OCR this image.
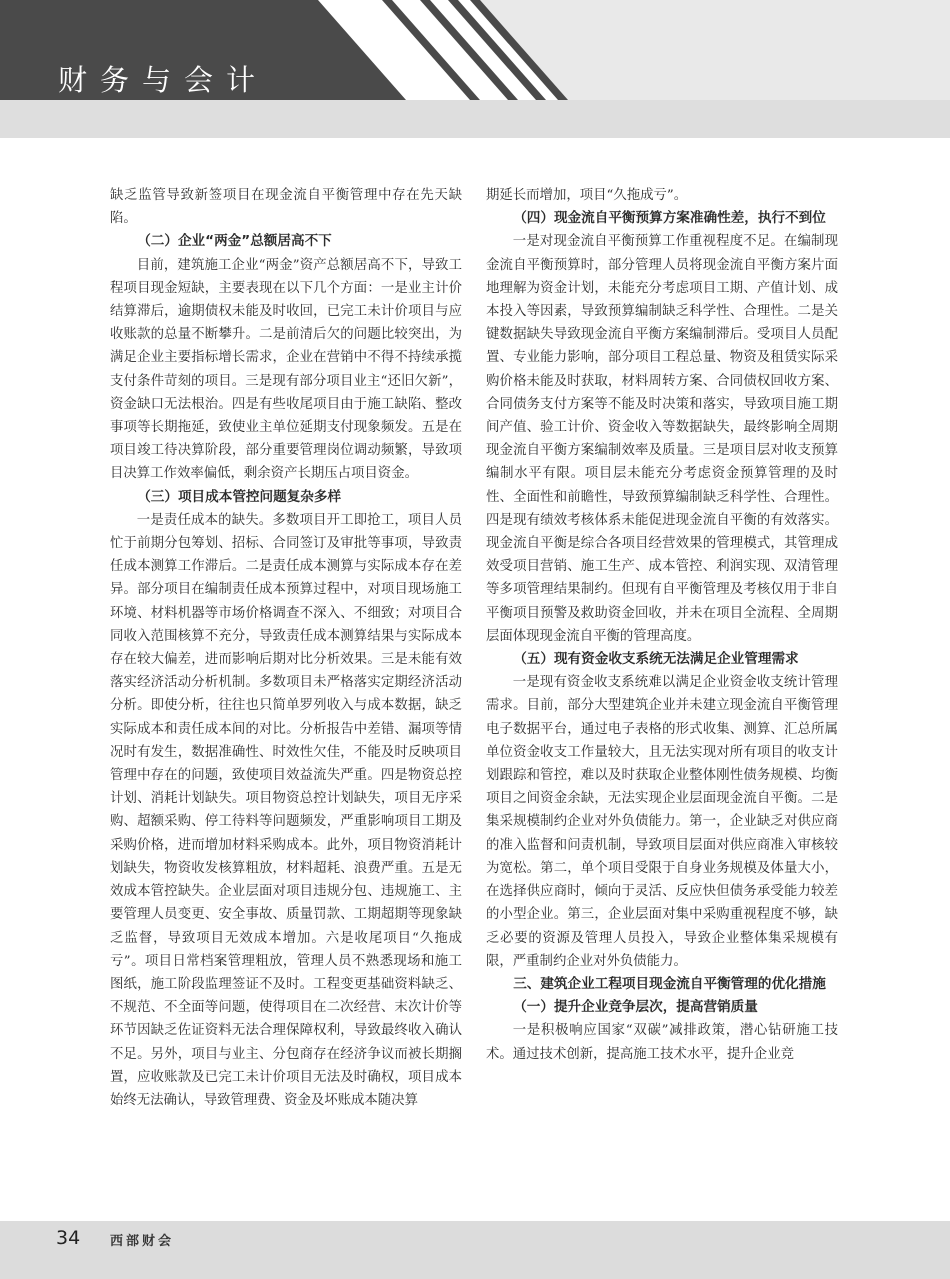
财务与会计

缺乏监管导致新签项目在现金流自平衡管理中存在先天缺陷。

（二）企业“两金”总额居高不下

目前，建筑施工企业“两金”资产总额居高不下，导致工程项目现金短缺，主要表现在以下几个方面：一是业主计价结算滞后，逾期债权未能及时收回，已完工未计价项目与应收账款的总量不断攀升。二是前清后欠的问题比较突出，为满足企业主要指标增长需求，企业在营销中不得不持续承揽支付条件苛刻的项目。三是现有部分项目业主“还旧欠新”，资金缺口无法根治。四是有些收尾项目由于施工缺陷、整改事项等长期拖延，致使业主单位延期支付现象频发。五是在项目竣工待决算阶段，部分重要管理岗位调动频繁，导致项目决算工作效率偏低，剩余资产长期压占项目资金。

（三）项目成本管控问题复杂多样

一是责任成本的缺失。多数项目开工即抢工，项目人员忙于前期分包筹划、招标、合同签订及审批等事项，导致责任成本测算工作滞后。二是责任成本测算与实际成本存在差异。部分项目在编制责任成本预算过程中，对项目现场施工环境、材料机器等市场价格调查不深入、不细致；对项目合同收入范围核算不充分，导致责任成本测算结果与实际成本存在较大偏差，进而影响后期对比分析效果。三是未能有效落实经济活动分析机制。多数项目未严格落实定期经济活动分析。即使分析，往往也只简单罗列收入与成本数据，缺乏实际成本和责任成本间的对比。分析报告中差错、漏项等情况时有发生，数据准确性、时效性欠佳，不能及时反映项目管理中存在的问题，致使项目效益流失严重。四是物资总控计划、消耗计划缺失。项目物资总控计划缺失，项目无序采购、超额采购、停工待料等问题频发，严重影响项目工期及采购价格，进而增加材料采购成本。此外，项目物资消耗计划缺失，物资收发核算粗放，材料超耗、浪费严重。五是无效成本管控缺失。企业层面对项目违规分包、违规施工、主要管理人员变更、安全事故、质量罚款、工期超期等现象缺乏监督，导致项目无效成本增加。六是收尾项目“久拖成亏”。项目日常档案管理粗放，管理人员不熟悉现场和施工图纸，施工阶段监理签证不及时。工程变更基础资料缺乏、不规范、不全面等问题，使得项目在二次经营、末次计价等环节因缺乏佐证资料无法合理保障权利，导致最终收入确认不足。另外，项目与业主、分包商存在经济争议而被长期搁置，应收账款及已完工未计价项目无法及时确权，项目成本始终无法确认，导致管理费、资金及坏账成本随决算

期延长而增加，项目“久拖成亏”。

（四）现金流自平衡预算方案准确性差，执行不到位

一是对现金流自平衡预算工作重视程度不足。在编制现金流自平衡预算时，部分管理人员将现金流自平衡方案片面地理解为资金计划，未能充分考虑项目工期、产值计划、成本投入等因素，导致预算编制缺乏科学性、合理性。二是关键数据缺失导致现金流自平衡方案编制滞后。受项目人员配置、专业能力影响，部分项目工程总量、物资及租赁实际采购价格未能及时获取，材料周转方案、合同债权回收方案、合同债务支付方案等不能及时决策和落实，导致项目施工期间产值、验工计价、资金收入等数据缺失，最终影响全周期现金流自平衡方案编制效率及质量。三是项目层对收支预算编制水平有限。项目层未能充分考虑资金预算管理的及时性、全面性和前瞻性，导致预算编制缺乏科学性、合理性。四是现有绩效考核体系未能促进现金流自平衡的有效落实。现金流自平衡是综合各项目经营效果的管理模式，其管理成效受项目营销、施工生产、成本管控、利润实现、双清管理等多项管理结果制约。但现有自平衡管理及考核仅用于非自平衡项目预警及救助资金回收，并未在项目全流程、全周期层面体现现金流自平衡的管理高度。

（五）现有资金收支系统无法满足企业管理需求

一是现有资金收支系统难以满足企业资金收支统计管理需求。目前，部分大型建筑企业并未建立现金流自平衡管理电子数据平台，通过电子表格的形式收集、测算、汇总所属单位资金收支工作量较大，且无法实现对所有项目的收支计划跟踪和管控，难以及时获取企业整体刚性债务规模、均衡项目之间资金余缺，无法实现企业层面现金流自平衡。二是集采规模制约企业对外负债能力。第一，企业缺乏对供应商的准入监督和问责机制，导致项目层面对供应商准入审核较为宽松。第二，单个项目受限于自身业务规模及体量大小，在选择供应商时，倾向于灵活、反应快但债务承受能力较差的小型企业。第三，企业层面对集中采购重视程度不够，缺乏必要的资源及管理人员投入，导致企业整体集采规模有限，严重制约企业对外负债能力。

三、建筑企业工程项目现金流自平衡管理的优化措施
（一）提升企业竞争层次，提高营销质量

一是积极响应国家“双碳”减排政策，潜心钻研施工技术。通过技术创新，提高施工技术水平，提升企业竞

34 西部财会
